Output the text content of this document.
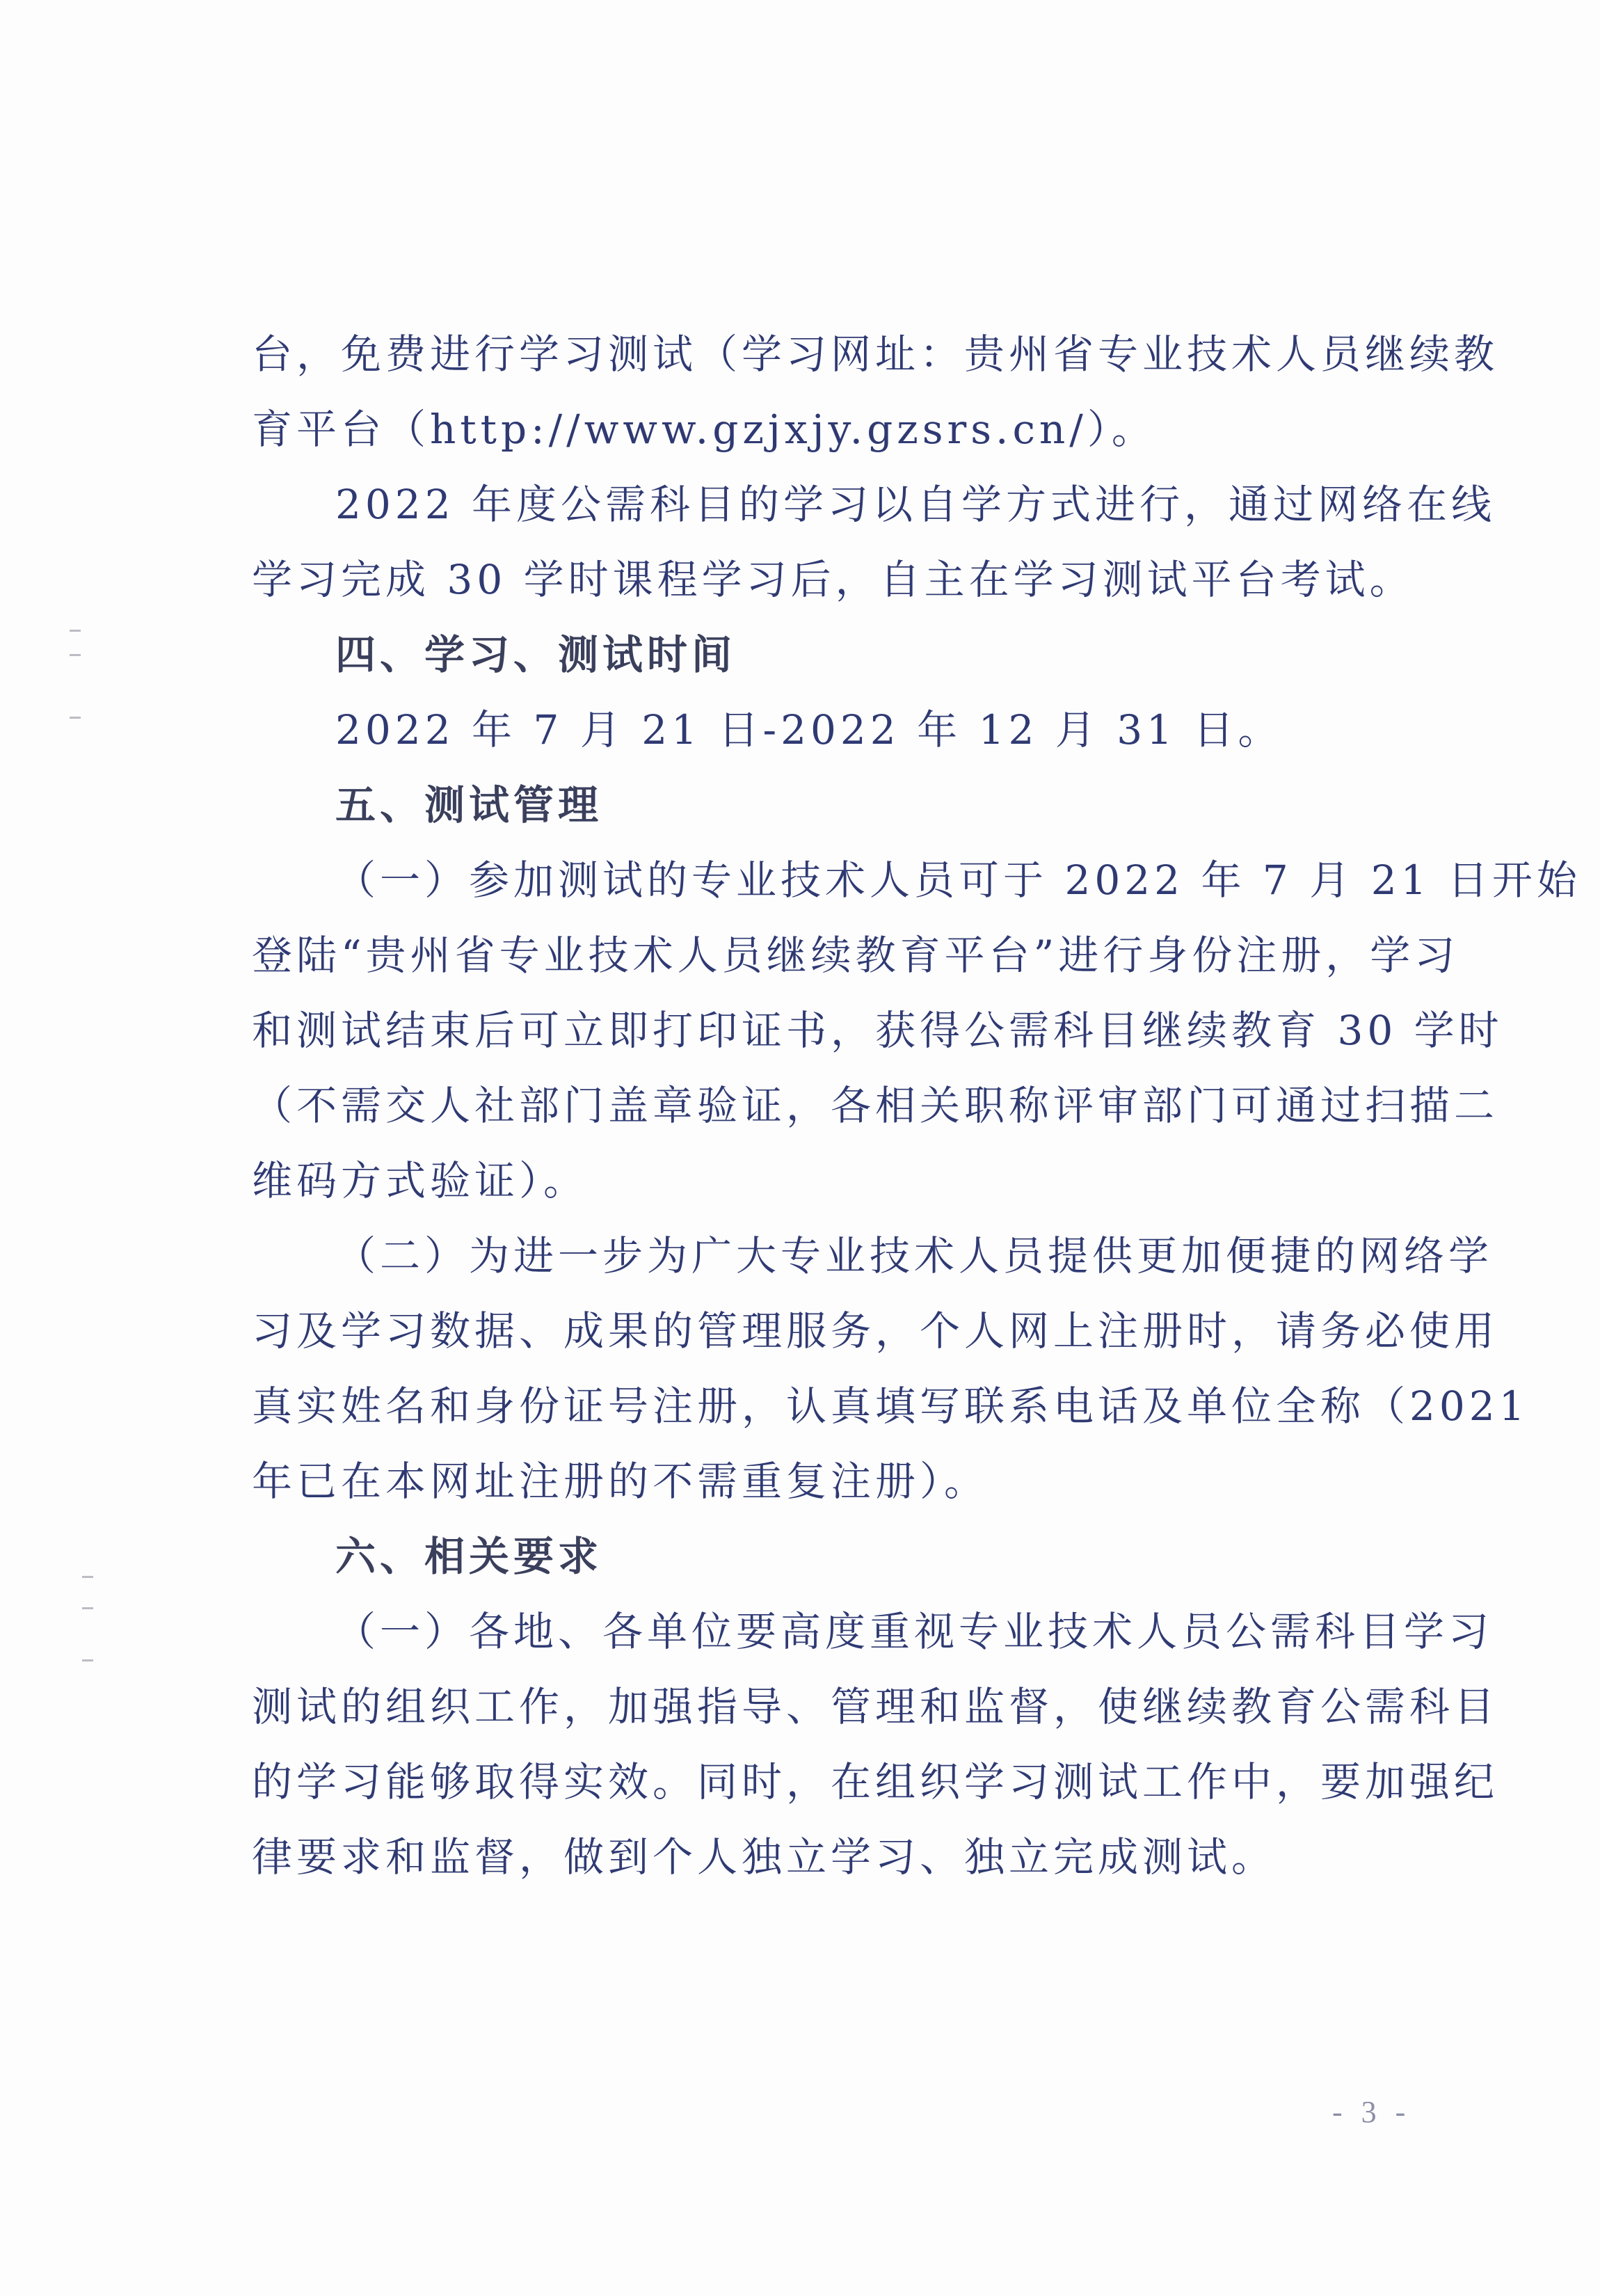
台，免费进行学习测试（学习网址：贵州省专业技术人员继续教
育平台（http://www.gzjxjy.gzsrs.cn/）。
2022 年度公需科目的学习以自学方式进行，通过网络在线
学习完成 30 学时课程学习后，自主在学习测试平台考试。
四、学习、测试时间
2022 年 7 月 21 日-2022 年 12 月 31 日。
五、测试管理
（一）参加测试的专业技术人员可于 2022 年 7 月 21 日开始
登陆“贵州省专业技术人员继续教育平台”进行身份注册，学习
和测试结束后可立即打印证书，获得公需科目继续教育 30 学时
（不需交人社部门盖章验证，各相关职称评审部门可通过扫描二
维码方式验证）。
（二）为进一步为广大专业技术人员提供更加便捷的网络学
习及学习数据、成果的管理服务，个人网上注册时，请务必使用
真实姓名和身份证号注册，认真填写联系电话及单位全称（2021
年已在本网址注册的不需重复注册）。
六、相关要求
（一）各地、各单位要高度重视专业技术人员公需科目学习
测试的组织工作，加强指导、管理和监督，使继续教育公需科目
的学习能够取得实效。同时，在组织学习测试工作中，要加强纪
律要求和监督，做到个人独立学习、独立完成测试。
- 3 -
